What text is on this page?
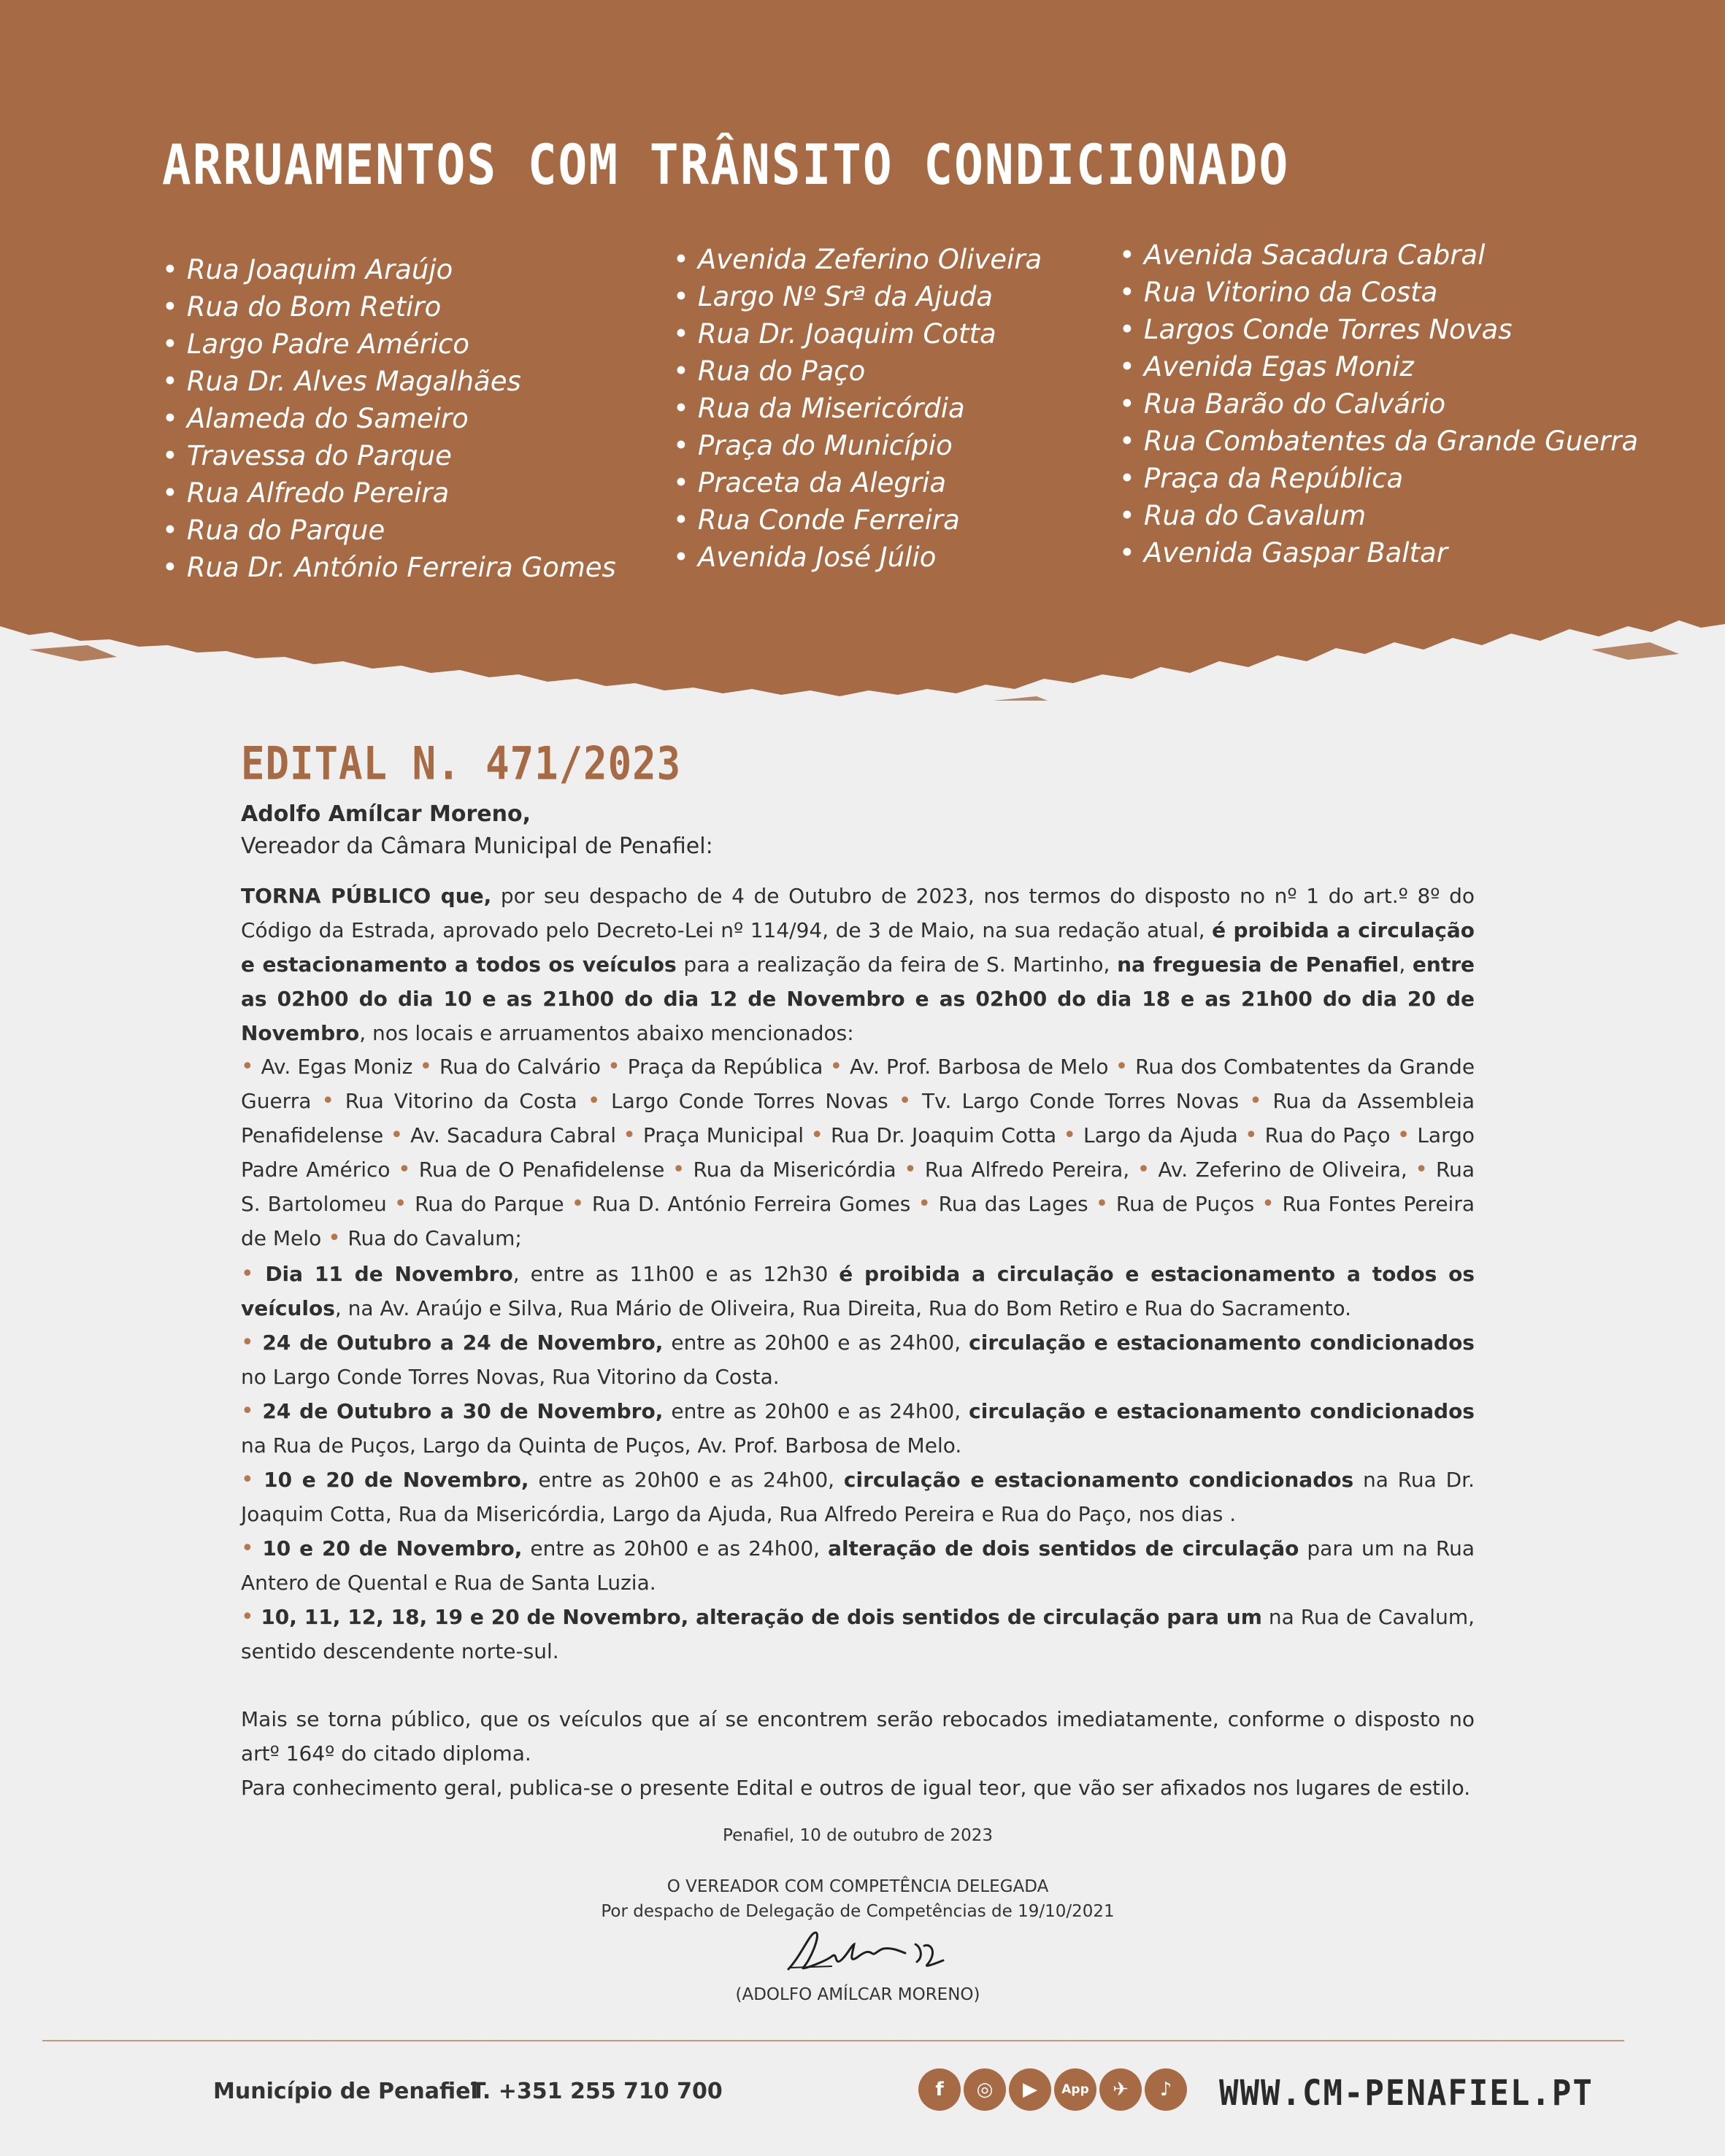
ARRUAMENTOS COM TRÂNSITO CONDICIONADO
• Rua Joaquim Araújo
• Rua do Bom Retiro
• Largo Padre Américo
• Rua Dr. Alves Magalhães
• Alameda do Sameiro
• Travessa do Parque
• Rua Alfredo Pereira
• Rua do Parque
• Rua Dr. António Ferreira Gomes
• Avenida Zeferino Oliveira
• Largo Nº Srª da Ajuda
• Rua Dr. Joaquim Cotta
• Rua do Paço
• Rua da Misericórdia
• Praça do Município
• Praceta da Alegria
• Rua Conde Ferreira
• Avenida José Júlio
• Avenida Sacadura Cabral
• Rua Vitorino da Costa
• Largos Conde Torres Novas
• Avenida Egas Moniz
• Rua Barão do Calvário
• Rua Combatentes da Grande Guerra
• Praça da República
• Rua do Cavalum
• Avenida Gaspar Baltar
EDITAL N. 471/2023
Adolfo Amílcar Moreno,
Vereador da Câmara Municipal de Penafiel:
TORNA PÚBLICO que, por seu despacho de 4 de Outubro de 2023, nos termos do disposto no nº 1 do art.º 8º do Código da Estrada, aprovado pelo Decreto-Lei nº 114/94, de 3 de Maio, na sua redação atual, é proibida a circulação e estacionamento a todos os veículos para a realização da feira de S. Martinho, na freguesia de Penafiel, entre as 02h00 do dia 10 e as 21h00 do dia 12 de Novembro e as 02h00 do dia 18 e as 21h00 do dia 20 de Novembro, nos locais e arruamentos abaixo mencionados:
• Av. Egas Moniz • Rua do Calvário • Praça da República • Av. Prof. Barbosa de Melo • Rua dos Combatentes da Grande Guerra • Rua Vitorino da Costa • Largo Conde Torres Novas • Tv. Largo Conde Torres Novas • Rua da Assembleia Penafidelense • Av. Sacadura Cabral • Praça Municipal • Rua Dr. Joaquim Cotta • Largo da Ajuda • Rua do Paço • Largo Padre Américo • Rua de O Penafidelense • Rua da Misericórdia • Rua Alfredo Pereira, • Av. Zeferino de Oliveira, • Rua S. Bartolomeu • Rua do Parque • Rua D. António Ferreira Gomes • Rua das Lages • Rua de Puços • Rua Fontes Pereira de Melo • Rua do Cavalum;
• Dia 11 de Novembro, entre as 11h00 e as 12h30 é proibida a circulação e estacionamento a todos os veículos, na Av. Araújo e Silva, Rua Mário de Oliveira, Rua Direita, Rua do Bom Retiro e Rua do Sacramento.
• 24 de Outubro a 24 de Novembro, entre as 20h00 e as 24h00, circulação e estacionamento condicionados no Largo Conde Torres Novas, Rua Vitorino da Costa.
• 24 de Outubro a 30 de Novembro, entre as 20h00 e as 24h00, circulação e estacionamento condicionados na Rua de Puços, Largo da Quinta de Puços, Av. Prof. Barbosa de Melo.
• 10 e 20 de Novembro, entre as 20h00 e as 24h00, circulação e estacionamento condicionados na Rua Dr. Joaquim Cotta, Rua da Misericórdia, Largo da Ajuda, Rua Alfredo Pereira e Rua do Paço, nos dias .
• 10 e 20 de Novembro, entre as 20h00 e as 24h00, alteração de dois sentidos de circulação para um na Rua Antero de Quental e Rua de Santa Luzia.
• 10, 11, 12, 18, 19 e 20 de Novembro, alteração de dois sentidos de circulação para um na Rua de Cavalum, sentido descendente norte-sul.
Mais se torna público, que os veículos que aí se encontrem serão rebocados imediatamente, conforme o disposto no artº 164º do citado diploma.
Para conhecimento geral, publica-se o presente Edital e outros de igual teor, que vão ser afixados nos lugares de estilo.
Penafiel, 10 de outubro de 2023
O VEREADOR COM COMPETÊNCIA DELEGADA
Por despacho de Delegação de Competências de 19/10/2021
(ADOLFO AMÍLCAR MORENO)
Município de Penafiel
T. +351 255 710 700	f	◎	▶	App	✈	♪	WWW.CM-PENAFIEL.PT
